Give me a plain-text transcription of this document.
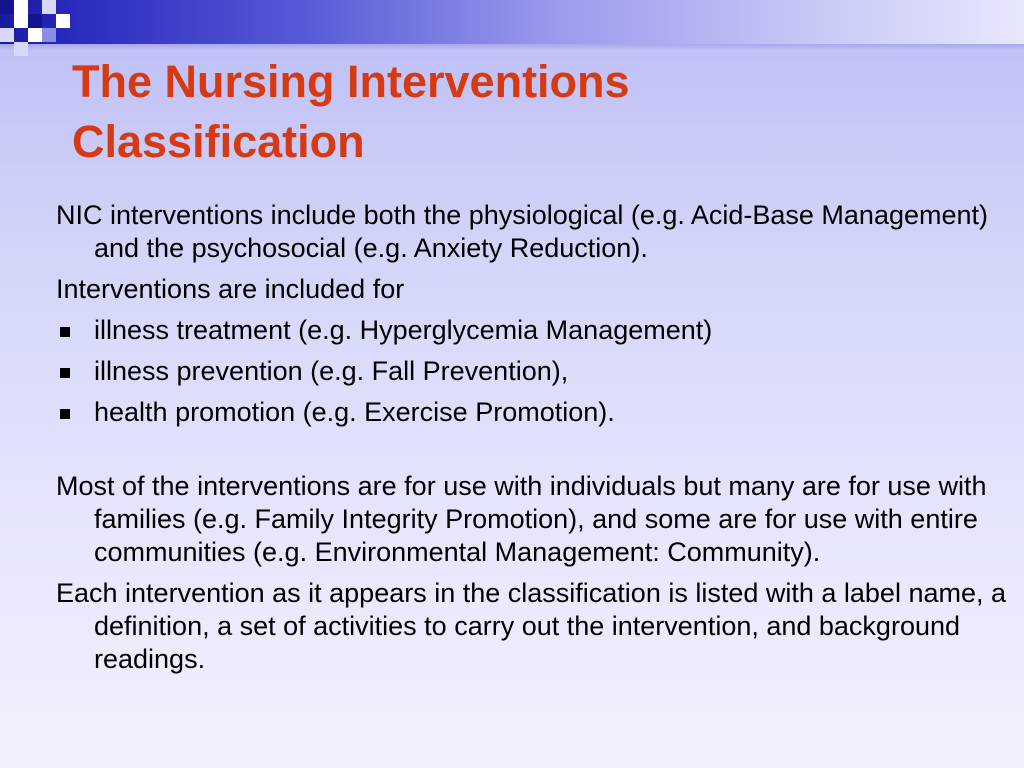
The Nursing Interventions
Classification

NIC interventions include both the physiological (e.g. Acid-Base Management) and the psychosocial (e.g. Anxiety Reduction).

Interventions are included for

illness treatment (e.g. Hyperglycemia Management)
illness prevention (e.g. Fall Prevention),
health promotion (e.g. Exercise Promotion).

Most of the interventions are for use with individuals but many are for use with families (e.g. Family Integrity Promotion), and some are for use with entire communities (e.g. Environmental Management: Community).

Each intervention as it appears in the classification is listed with a label name, a definition, a set of activities to carry out the intervention, and background readings.
